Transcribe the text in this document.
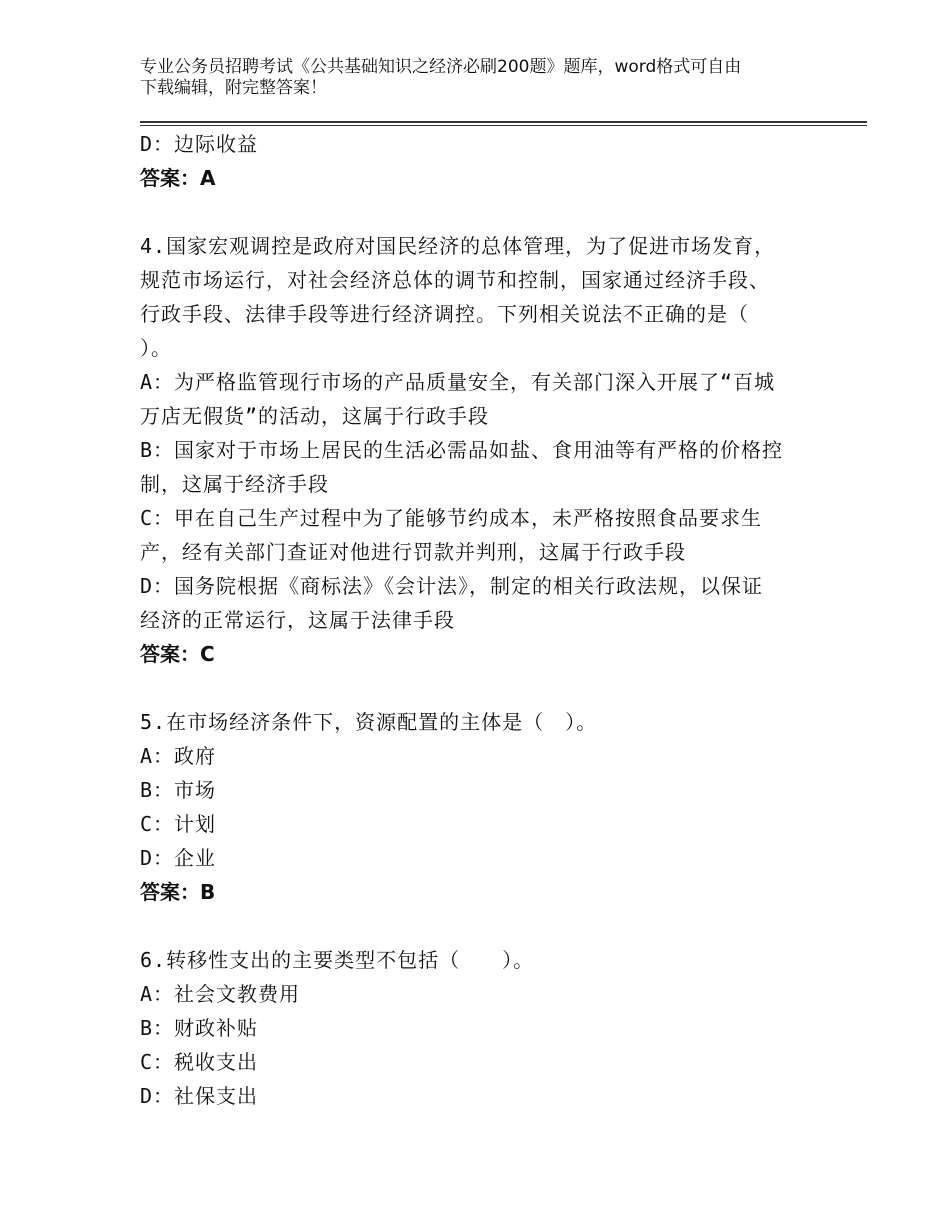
专业公务员招聘考试《公共基础知识之经济必刷200题》题库，word格式可自由
下载编辑，附完整答案！
D：边际收益
答案：A
4.国家宏观调控是政府对国民经济的总体管理，为了促进市场发育，
规范市场运行，对社会经济总体的调节和控制，国家通过经济手段、
行政手段、法律手段等进行经济调控。下列相关说法不正确的是（
）。
A：为严格监管现行市场的产品质量安全，有关部门深入开展了“百城
万店无假货”的活动，这属于行政手段
B：国家对于市场上居民的生活必需品如盐、食用油等有严格的价格控
制，这属于经济手段
C：甲在自己生产过程中为了能够节约成本，未严格按照食品要求生
产，经有关部门查证对他进行罚款并判刑，这属于行政手段
D：国务院根据《商标法》《会计法》，制定的相关行政法规，以保证
经济的正常运行，这属于法律手段
答案：C
5.在市场经济条件下，资源配置的主体是（　）。
A：政府
B：市场
C：计划
D：企业
答案：B
6.转移性支出的主要类型不包括（　　）。
A：社会文教费用
B：财政补贴
C：税收支出
D：社保支出
